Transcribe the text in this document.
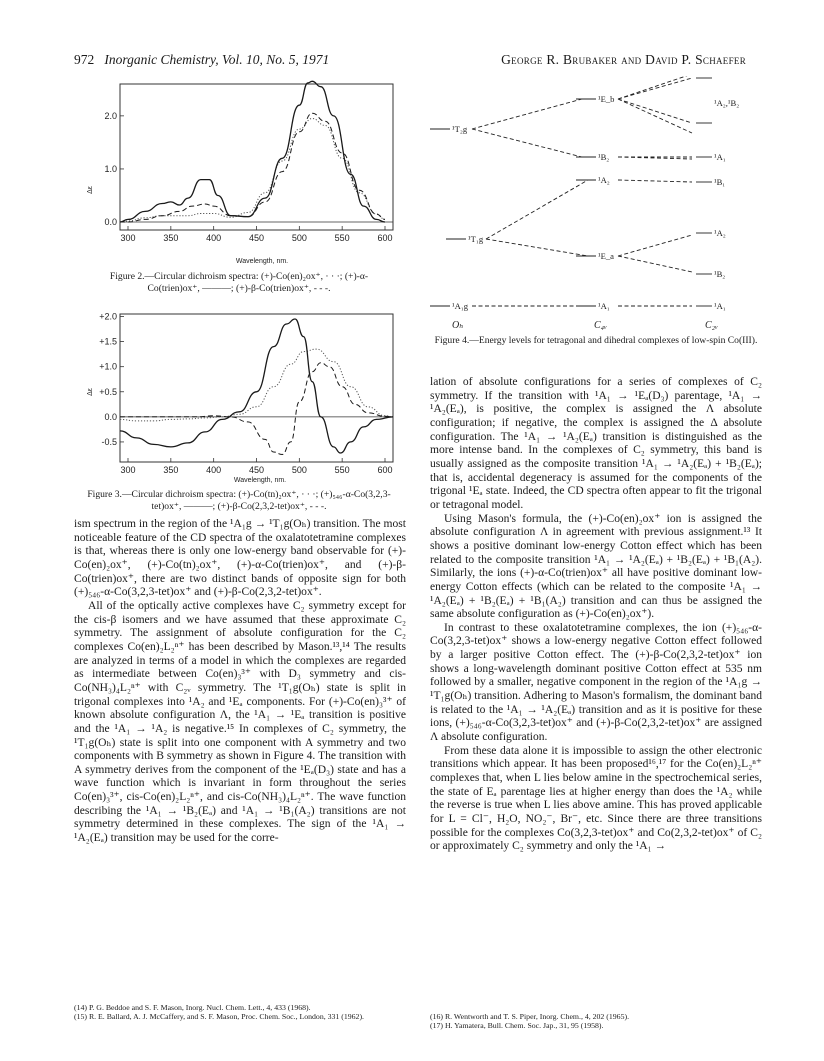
972 Inorganic Chemistry, Vol. 10, No. 5, 1971	George R. Brubaker and David P. Schaefer
Δε
300	350	400	450	500	550	600
0.0
1.0
2.0
Wavelength, nm.
Figure 2.—Circular dichroism spectra: (+)-Co(en)₂ox⁺, · · ·; (+)-α-Co(trien)ox⁺, ———; (+)-β-Co(trien)ox⁺, - - -.
Δε
300	350	400	450	500	550	600
-0.5
0.0
+0.5
+1.0
+1.5
+2.0
Wavelength, nm.
Figure 3.—Circular dichroism spectra: (+)-Co(tn)₂ox⁺, · · ·; (+)₅₄₆-α-Co(3,2,3-tet)ox⁺, ———; (+)-β-Co(2,3,2-tet)ox⁺, - - -.
¹T₂g
¹T₁g
¹A₁g
¹E_b
¹B₂
¹A₂
¹E_a
¹A₁
¹A₂,¹B₂
¹A₁
¹B₁
¹A₂
¹B₂
¹A₁
Oₕ	C₄ᵥ	C₂ᵥ
Figure 4.—Energy levels for tetragonal and dihedral complexes of low-spin Co(III).

ism spectrum in the region of the ¹A₁g → ¹T₁g(Oₕ) transition. The most noticeable feature of the CD spectra of the oxalatotetramine complexes is that, whereas there is only one low-energy band observable for (+)-Co(en)₂ox⁺, (+)-Co(tn)₂ox⁺, (+)-α-Co(trien)ox⁺, and (+)-β-Co(trien)ox⁺, there are two distinct bands of opposite sign for both (+)₅₄₆-α-Co(3,2,3-tet)ox⁺ and (+)-β-Co(2,3,2-tet)ox⁺.

All of the optically active complexes have C₂ symmetry except for the cis-β isomers and we have assumed that these approximate C₂ symmetry. The assignment of absolute configuration for the C₂ complexes Co(en)₂L₂ⁿ⁺ has been described by Mason.¹³,¹⁴ The results are analyzed in terms of a model in which the complexes are regarded as intermediate between Co(en)₃³⁺ with D₃ symmetry and cis-Co(NH₃)₄L₂ⁿ⁺ with C₂ᵥ symmetry. The ¹T₁g(Oₕ) state is split in trigonal complexes into ¹A₂ and ¹Eₐ components. For (+)-Co(en)₃³⁺ of known absolute configuration Λ, the ¹A₁ → ¹Eₐ transition is positive and the ¹A₁ → ¹A₂ is negative.¹⁵ In complexes of C₂ symmetry, the ¹T₁g(Oₕ) state is split into one component with A symmetry and two components with B symmetry as shown in Figure 4. The transition with A symmetry derives from the component of the ¹Eₐ(D₃) state and has a wave function which is invariant in form throughout the series Co(en)₃³⁺, cis-Co(en)₂L₂ⁿ⁺, and cis-Co(NH₃)₄L₂ⁿ⁺. The wave function describing the ¹A₁ → ¹B₂(Eₐ) and ¹A₁ → ¹B₁(A₂) transitions are not symmetry determined in these complexes. The sign of the ¹A₁ → ¹A₂(Eₐ) transition may be used for the corre-

(14) P. G. Beddoe and S. F. Mason, Inorg. Nucl. Chem. Lett., 4, 433 (1968).

(15) R. E. Ballard, A. J. McCaffery, and S. F. Mason, Proc. Chem. Soc., London, 331 (1962).

lation of absolute configurations for a series of complexes of C₂ symmetry. If the transition with ¹A₁ → ¹Eₐ(D₃) parentage, ¹A₁ → ¹A₂(Eₐ), is positive, the complex is assigned the Λ absolute configuration; if negative, the complex is assigned the Δ absolute configuration. The ¹A₁ → ¹A₂(Eₐ) transition is distinguished as the more intense band. In the complexes of C₂ symmetry, this band is usually assigned as the composite transition ¹A₁ → ¹A₂(Eₐ) + ¹B₂(Eₐ); that is, accidental degeneracy is assumed for the components of the trigonal ¹Eₐ state. Indeed, the CD spectra often appear to fit the trigonal or tetragonal model.

Using Mason's formula, the (+)-Co(en)₂ox⁺ ion is assigned the absolute configuration Λ in agreement with previous assignment.¹³ It shows a positive dominant low-energy Cotton effect which has been related to the composite transition ¹A₁ → ¹A₂(Eₐ) + ¹B₂(Eₐ) + ¹B₁(A₂). Similarly, the ions (+)-α-Co(trien)ox⁺ all have positive dominant low-energy Cotton effects (which can be related to the composite ¹A₁ → ¹A₂(Eₐ) + ¹B₂(Eₐ) + ¹B₁(A₂) transition and can thus be assigned the same absolute configuration as (+)-Co(en)₂ox⁺).

In contrast to these oxalatotetramine complexes, the ion (+)₅₄₆-α-Co(3,2,3-tet)ox⁺ shows a low-energy negative Cotton effect followed by a larger positive Cotton effect. The (+)-β-Co(2,3,2-tet)ox⁺ ion shows a long-wavelength dominant positive Cotton effect at 535 nm followed by a smaller, negative component in the region of the ¹A₁g → ¹T₁g(Oₕ) transition. Adhering to Mason's formalism, the dominant band is related to the ¹A₁ → ¹A₂(Eₐ) transition and as it is positive for these ions, (+)₅₄₆-α-Co(3,2,3-tet)ox⁺ and (+)-β-Co(2,3,2-tet)ox⁺ are assigned Λ absolute configuration.

From these data alone it is impossible to assign the other electronic transitions which appear. It has been proposed¹⁶,¹⁷ for the Co(en)₂L₂ⁿ⁺ complexes that, when L lies below amine in the spectrochemical series, the state of Eₐ parentage lies at higher energy than does the ¹A₂ while the reverse is true when L lies above amine. This has proved applicable for L = Cl⁻, H₂O, NO₂⁻, Br⁻, etc. Since there are three transitions possible for the complexes Co(3,2,3-tet)ox⁺ and Co(2,3,2-tet)ox⁺ of C₂ or approximately C₂ symmetry and only the ¹A₁ →

(16) R. Wentworth and T. S. Piper, Inorg. Chem., 4, 202 (1965).

(17) H. Yamatera, Bull. Chem. Soc. Jap., 31, 95 (1958).
